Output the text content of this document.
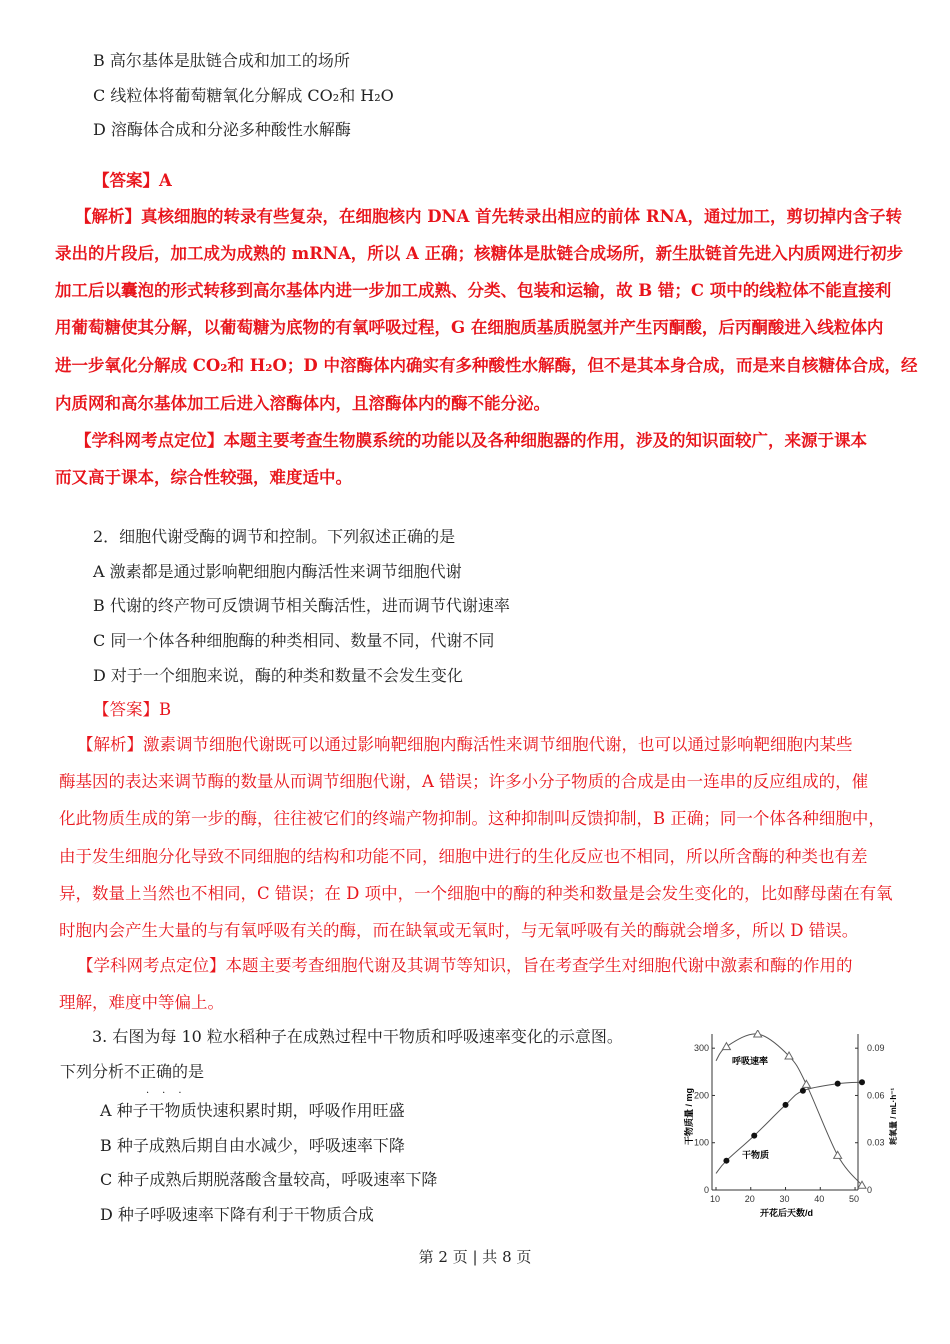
B 高尔基体是肽链合成和加工的场所
C 线粒体将葡萄糖氧化分解成 CO₂和 H₂O
D 溶酶体合成和分泌多种酸性水解酶
【答案】A
【解析】真核细胞的转录有些复杂，在细胞核内 DNA 首先转录出相应的前体 RNA，通过加工，剪切掉内含子转
录出的片段后，加工成为成熟的 mRNA，所以 A 正确；核糖体是肽链合成场所，新生肽链首先进入内质网进行初步
加工后以囊泡的形式转移到高尔基体内进一步加工成熟、分类、包装和运输，故 B 错；C 项中的线粒体不能直接利
用葡萄糖使其分解，以葡萄糖为底物的有氧呼吸过程，G 在细胞质基质脱氢并产生丙酮酸，后丙酮酸进入线粒体内
进一步氧化分解成 CO₂和 H₂O；D 中溶酶体内确实有多种酸性水解酶，但不是其本身合成，而是来自核糖体合成，经
内质网和高尔基体加工后进入溶酶体内，且溶酶体内的酶不能分泌。
【学科网考点定位】本题主要考查生物膜系统的功能以及各种细胞器的作用，涉及的知识面较广，来源于课本
而又高于课本，综合性较强，难度适中。
2．细胞代谢受酶的调节和控制。下列叙述正确的是
A 激素都是通过影响靶细胞内酶活性来调节细胞代谢
B 代谢的终产物可反馈调节相关酶活性，进而调节代谢速率
C 同一个体各种细胞酶的种类相同、数量不同，代谢不同
D 对于一个细胞来说，酶的种类和数量不会发生变化
【答案】B
【解析】激素调节细胞代谢既可以通过影响靶细胞内酶活性来调节细胞代谢，也可以通过影响靶细胞内某些
酶基因的表达来调节酶的数量从而调节细胞代谢，A 错误；许多小分子物质的合成是由一连串的反应组成的，催
化此物质生成的第一步的酶，往往被它们的终端产物抑制。这种抑制叫反馈抑制，B 正确；同一个体各种细胞中，
由于发生细胞分化导致不同细胞的结构和功能不同，细胞中进行的生化反应也不相同，所以所含酶的种类也有差
异，数量上当然也不相同，C 错误；在 D 项中，一个细胞中的酶的种类和数量是会发生变化的，比如酵母菌在有氧
时胞内会产生大量的与有氧呼吸有关的酶，而在缺氧或无氧时，与无氧呼吸有关的酶就会增多，所以 D 错误。
【学科网考点定位】本题主要考查细胞代谢及其调节等知识，旨在考查学生对细胞代谢中激素和酶的作用的
理解，难度中等偏上。
3. 右图为每 10 粒水稻种子在成熟过程中干物质和呼吸速率变化的示意图。
下列分析不正确的是
···
A 种子干物质快速积累时期，呼吸作用旺盛
B 种子成熟后期自由水减少，呼吸速率下降
C 种子成熟后期脱落酸含量较高，呼吸速率下降
D 种子呼吸速率下降有利于干物质合成
10	20	30	40	50
0
100
200
300
0
0.03
0.06
0.09
呼吸速率
干物质
开花后天数/d
干物质量 / mg	耗氧量 / mL·h⁻¹
第 2 页 | 共 8 页
